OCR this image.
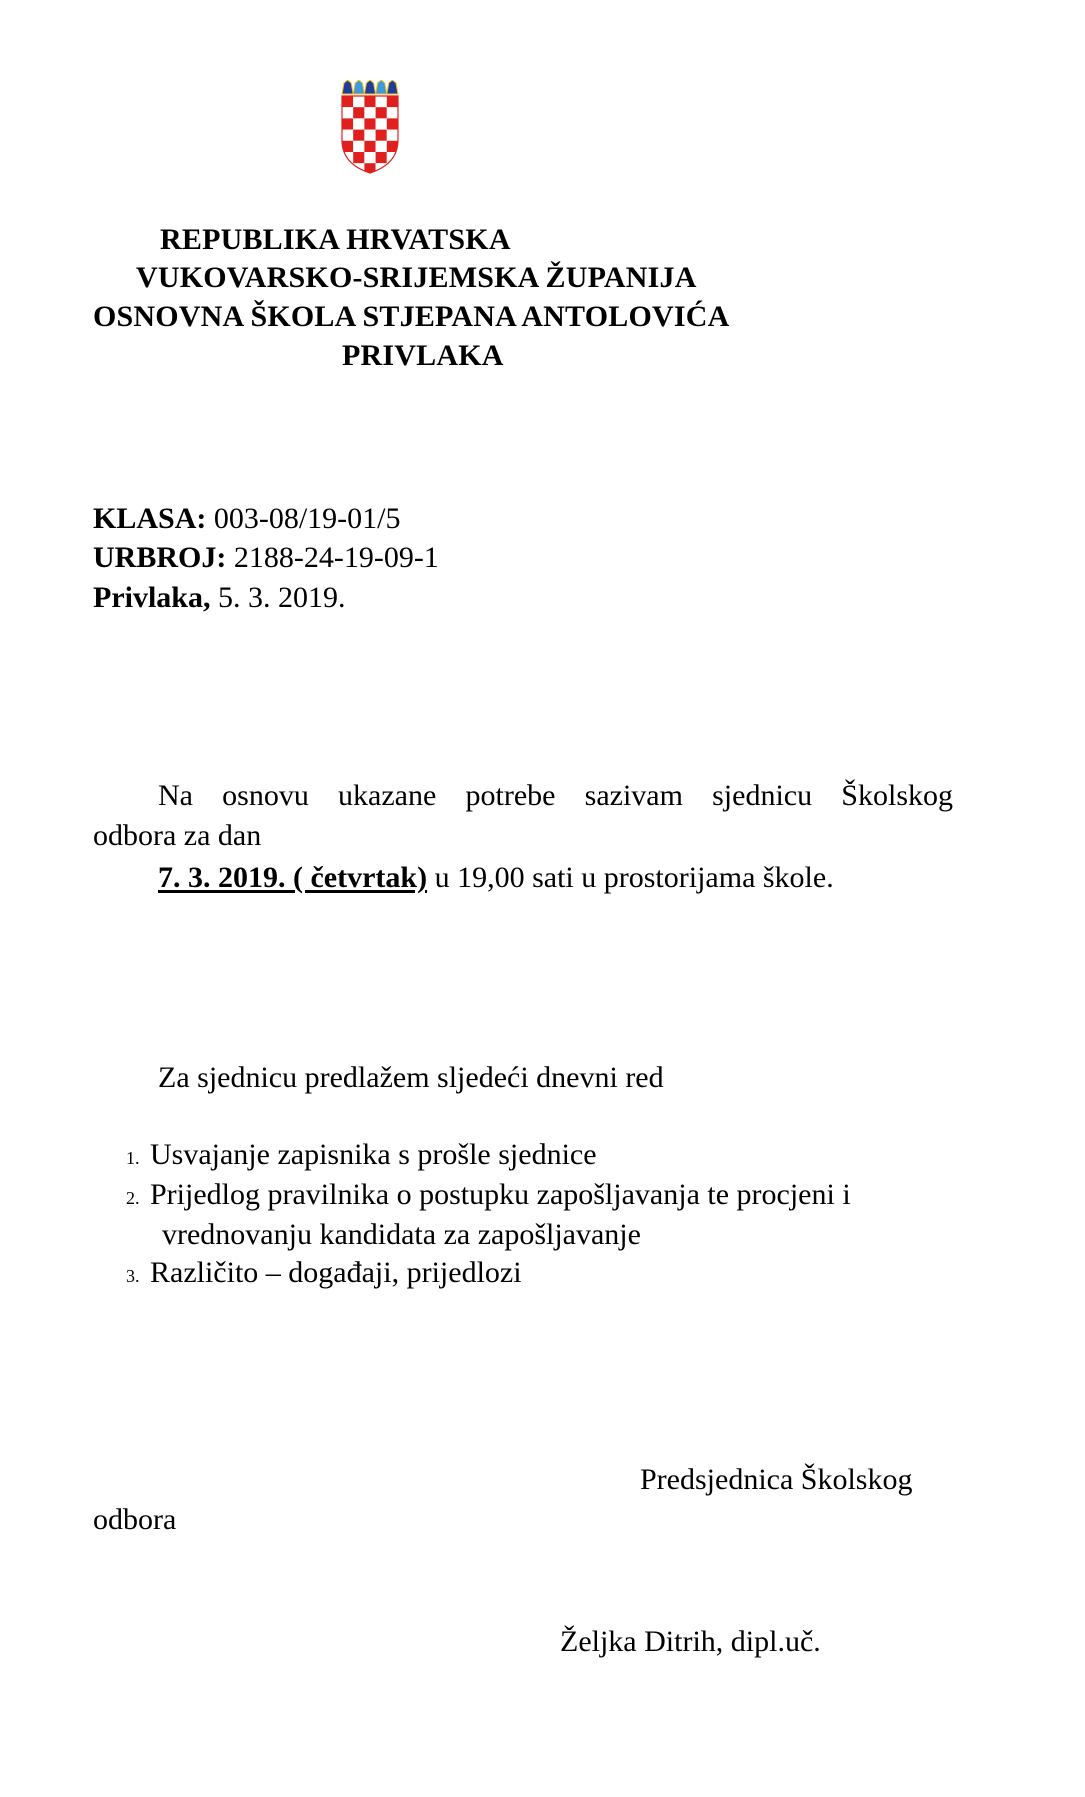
REPUBLIKA HRVATSKA
VUKOVARSKO-SRIJEMSKA ŽUPANIJA
OSNOVNA ŠKOLA STJEPANA ANTOLOVIĆA
PRIVLAKA
KLASA: 003-08/19-01/5
URBROJ: 2188-24-19-09-1
Privlaka, 5. 3. 2019.
Na osnovu ukazane potrebe sazivam sjednicu Školskog
odbora za dan
7. 3. 2019. ( četvrtak) u 19,00 sati u prostorijama škole.
Za sjednicu predlažem sljedeći dnevni red
1. Usvajanje zapisnika s prošle sjednice
2. Prijedlog pravilnika o postupku zapošljavanja te procjeni i
vrednovanju kandidata za zapošljavanje
3. Različito – događaji, prijedlozi
Predsjednica Školskog
odbora
Željka Ditrih, dipl.uč.
